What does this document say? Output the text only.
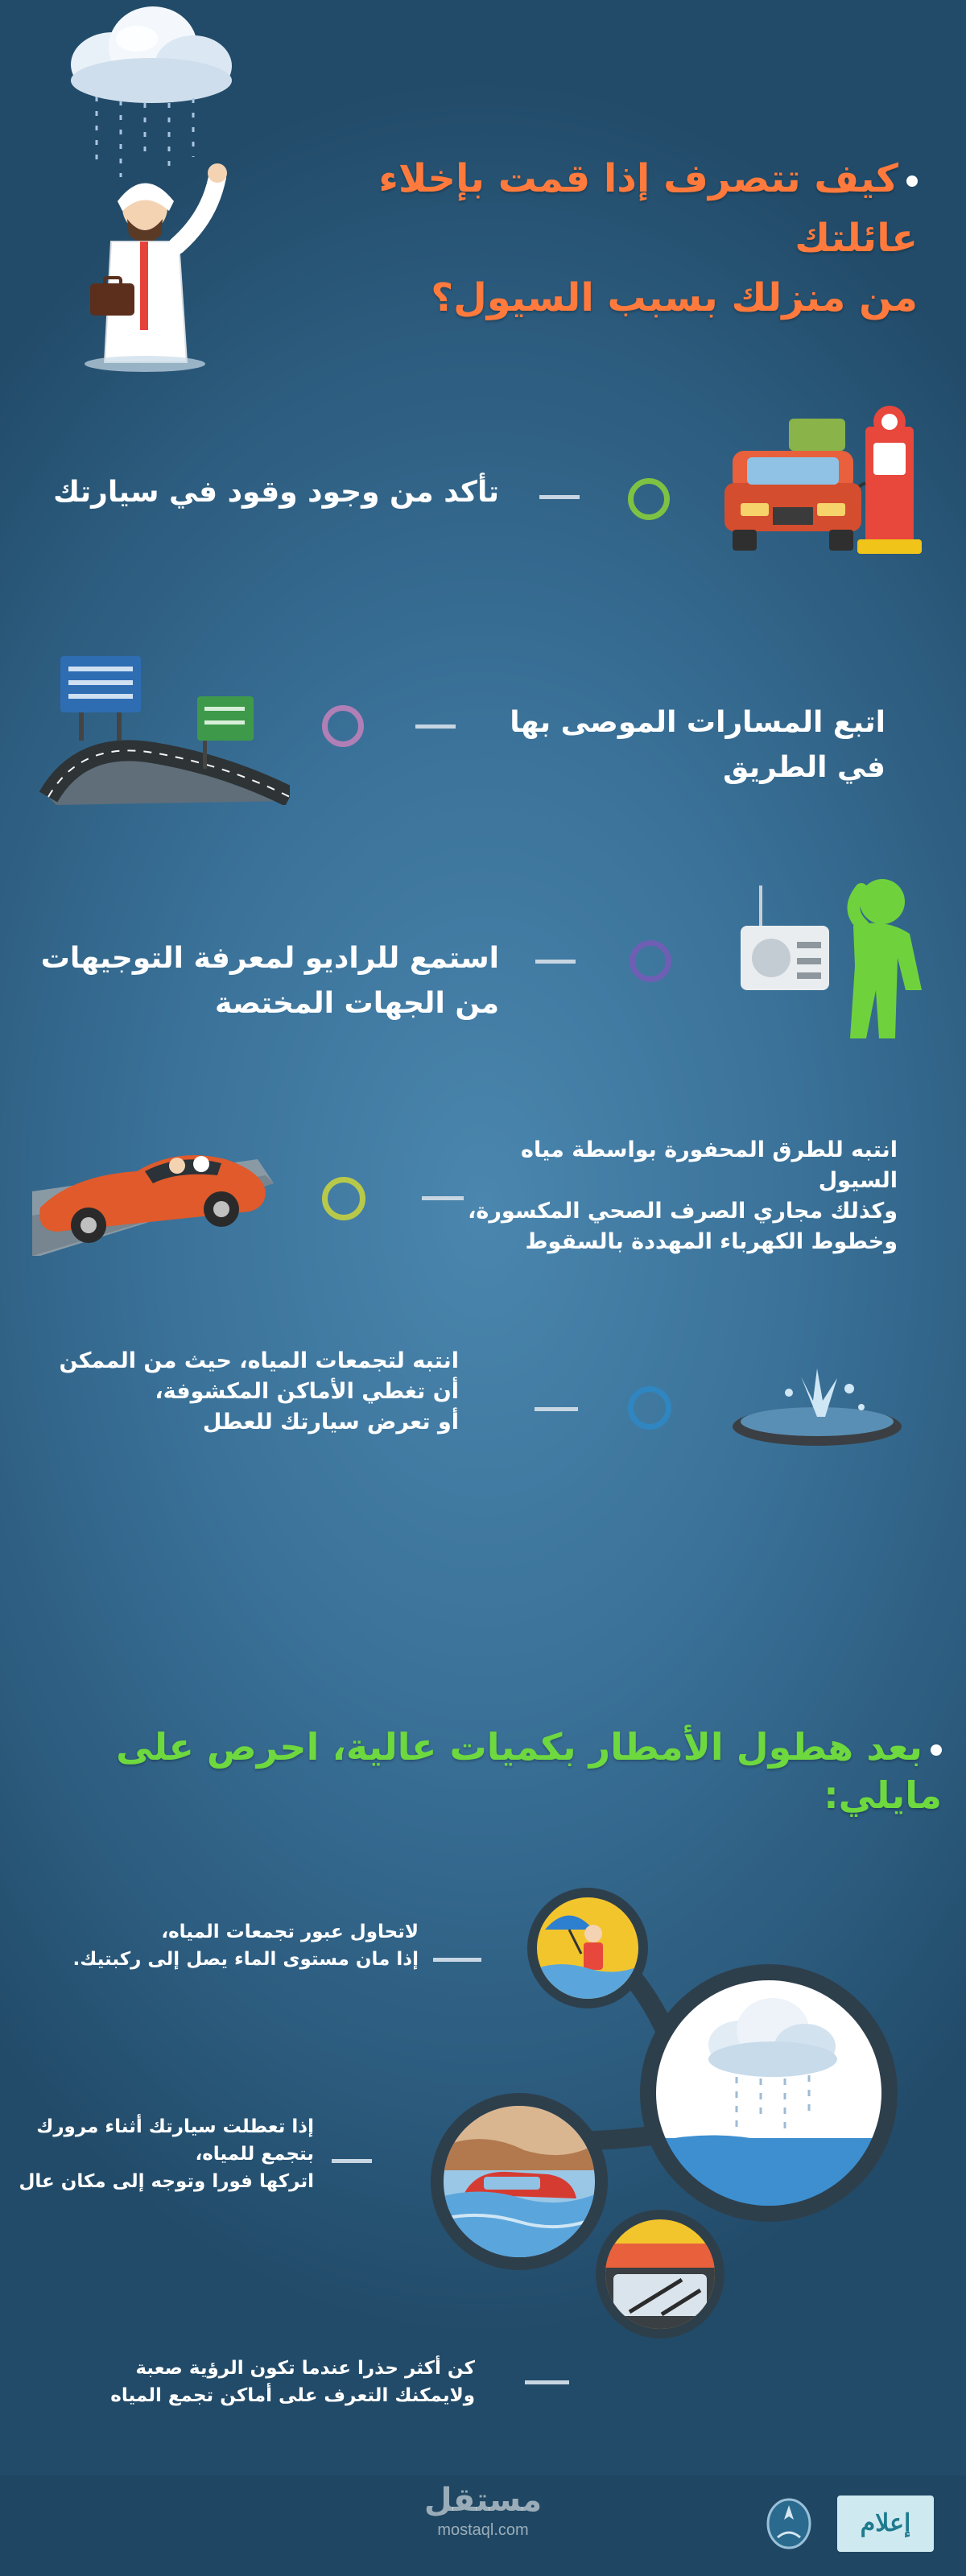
كيف تتصرف إذا قمت بإخلاء عائلتك
من منزلك بسبب السيول؟
تأكد من وجود وقود في سيارتك
اتبع المسارات الموصى بها في الطريق
استمع للراديو لمعرفة التوجيهات
من الجهات المختصة
انتبه للطرق المحفورة بواسطة مياه السيول
وكذلك مجاري الصرف الصحي المكسورة،
وخطوط الكهرباء المهددة بالسقوط
انتبه لتجمعات المياه، حيث من الممكن
أن تغطي الأماكن المكشوفة،
أو تعرض سيارتك للعطل
بعد هطول الأمطار بكميات عالية، احرص على مايلي:
لاتحاول عبور تجمعات المياه،
إذا مان مستوى الماء يصل إلى ركبتيك.
إذا تعطلت سيارتك أثناء مرورك
بتجمع للمياه،
اتركها فورا وتوجه إلى مكان عال
كن أكثر حذرا عندما تكون الرؤية صعبة
ولايمكنك التعرف على أماكن تجمع المياه
مستقل
mostaql.com	إعلام
